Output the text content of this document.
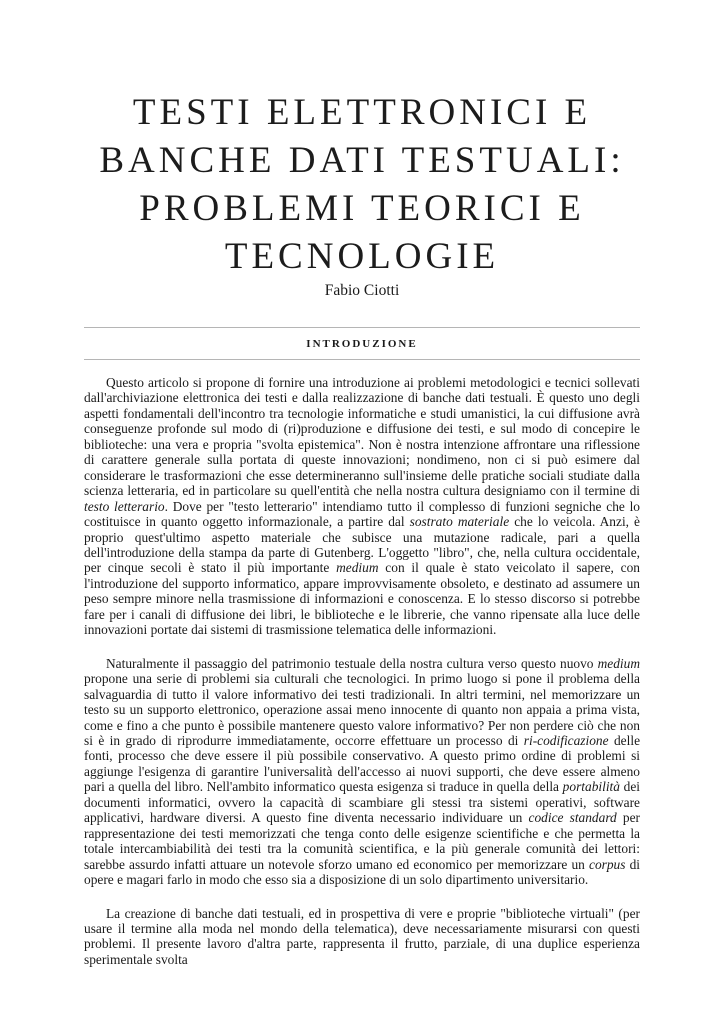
TESTI ELETTRONICI E
BANCHE DATI TESTUALI:
PROBLEMI TEORICI E
TECNOLOGIE
Fabio Ciotti
INTRODUZIONE

Questo articolo si propone di fornire una introduzione ai problemi metodologici e tecnici sollevati dall'archiviazione elettronica dei testi e dalla realizzazione di banche dati testuali. È questo uno degli aspetti fondamentali dell'incontro tra tecnologie informatiche e studi umanistici, la cui diffusione avrà conseguenze profonde sul modo di (ri)produzione e diffusione dei testi, e sul modo di concepire le biblioteche: una vera e propria "svolta epistemica". Non è nostra intenzione affrontare una riflessione di carattere generale sulla portata di queste innovazioni; nondimeno, non ci si può esimere dal considerare le trasformazioni che esse determineranno sull'insieme delle pratiche sociali studiate dalla scienza letteraria, ed in particolare su quell'entità che nella nostra cultura designiamo con il termine di testo letterario. Dove per "testo letterario" intendiamo tutto il complesso di funzioni segniche che lo costituisce in quanto oggetto informazionale, a partire dal sostrato materiale che lo veicola. Anzi, è proprio quest'ultimo aspetto materiale che subisce una mutazione radicale, pari a quella dell'introduzione della stampa da parte di Gutenberg. L'oggetto "libro", che, nella cultura occidentale, per cinque secoli è stato il più importante medium con il quale è stato veicolato il sapere, con l'introduzione del supporto informatico, appare improvvisamente obsoleto, e destinato ad assumere un peso sempre minore nella trasmissione di informazioni e conoscenza. E lo stesso discorso si potrebbe fare per i canali di diffusione dei libri, le biblioteche e le librerie, che vanno ripensate alla luce delle innovazioni portate dai sistemi di trasmissione telematica delle informazioni.

Naturalmente il passaggio del patrimonio testuale della nostra cultura verso questo nuovo medium propone una serie di problemi sia culturali che tecnologici. In primo luogo si pone il problema della salvaguardia di tutto il valore informativo dei testi tradizionali. In altri termini, nel memorizzare un testo su un supporto elettronico, operazione assai meno innocente di quanto non appaia a prima vista, come e fino a che punto è possibile mantenere questo valore informativo? Per non perdere ciò che non si è in grado di riprodurre immediatamente, occorre effettuare un processo di ri-codificazione delle fonti, processo che deve essere il più possibile conservativo. A questo primo ordine di problemi si aggiunge l'esigenza di garantire l'universalità dell'accesso ai nuovi supporti, che deve essere almeno pari a quella del libro. Nell'ambito informatico questa esigenza si traduce in quella della portabilità dei documenti informatici, ovvero la capacità di scambiare gli stessi tra sistemi operativi, software applicativi, hardware diversi. A questo fine diventa necessario individuare un codice standard per rappresentazione dei testi memorizzati che tenga conto delle esigenze scientifiche e che permetta la totale intercambiabilità dei testi tra la comunità scientifica, e la più generale comunità dei lettori: sarebbe assurdo infatti attuare un notevole sforzo umano ed economico per memorizzare un corpus di opere e magari farlo in modo che esso sia a disposizione di un solo dipartimento universitario.

La creazione di banche dati testuali, ed in prospettiva di vere e proprie "biblioteche virtuali" (per usare il termine alla moda nel mondo della telematica), deve necessariamente misurarsi con questi problemi. Il presente lavoro d'altra parte, rappresenta il frutto, parziale, di una duplice esperienza sperimentale svolta
